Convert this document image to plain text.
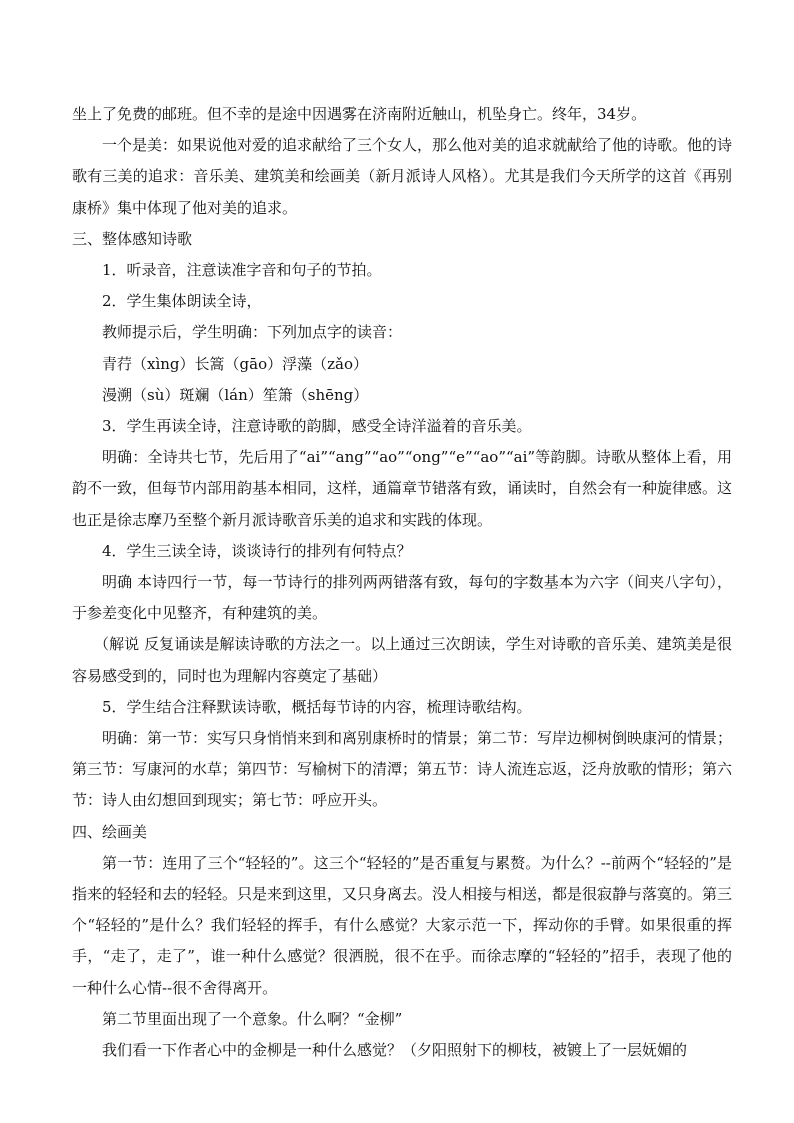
坐上了免费的邮班。但不幸的是途中因遇雾在济南附近触山，机坠身亡。终年，34岁。

一个是美：如果说他对爱的追求献给了三个女人，那么他对美的追求就献给了他的诗歌。他的诗歌有三美的追求：音乐美、建筑美和绘画美（新月派诗人风格）。尤其是我们今天所学的这首《再别康桥》集中体现了他对美的追求。

三、整体感知诗歌

1．听录音，注意读准字音和句子的节拍。

2．学生集体朗读全诗，

教师提示后，学生明确：下列加点字的读音：

青荇（xìng）长篙（gāo）浮藻（zǎo）

漫溯（sù）斑斓（lán）笙箫（shēng）

3．学生再读全诗，注意诗歌的韵脚，感受全诗洋溢着的音乐美。

明确：全诗共七节，先后用了“ai”“ang”“ao”“ong”“e”“ao”“ai”等韵脚。诗歌从整体上看，用韵不一致，但每节内部用韵基本相同，这样，通篇章节错落有致，诵读时，自然会有一种旋律感。这也正是徐志摩乃至整个新月派诗歌音乐美的追求和实践的体现。

4．学生三读全诗，谈谈诗行的排列有何特点？

明确 本诗四行一节，每一节诗行的排列两两错落有致，每句的字数基本为六字（间夹八字句），于参差变化中见整齐，有种建筑的美。

（解说 反复诵读是解读诗歌的方法之一。以上通过三次朗读，学生对诗歌的音乐美、建筑美是很容易感受到的，同时也为理解内容奠定了基础）

5．学生结合注释默读诗歌，概括每节诗的内容，梳理诗歌结构。

明确：第一节：实写只身悄悄来到和离别康桥时的情景；第二节：写岸边柳树倒映康河的情景；第三节：写康河的水草；第四节：写榆树下的清潭；第五节：诗人流连忘返，泛舟放歌的情形；第六节：诗人由幻想回到现实；第七节：呼应开头。

四、绘画美

第一节：连用了三个“轻轻的”。这三个“轻轻的”是否重复与累赘。为什么？--前两个“轻轻的”是指来的轻轻和去的轻轻。只是来到这里，又只身离去。没人相接与相送，都是很寂静与落寞的。第三个“轻轻的”是什么？我们轻轻的挥手，有什么感觉？大家示范一下，挥动你的手臂。如果很重的挥手，“走了，走了”，谁一种什么感觉？很洒脱，很不在乎。而徐志摩的“轻轻的”招手，表现了他的一种什么心情--很不舍得离开。

第二节里面出现了一个意象。什么啊？“金柳”

我们看一下作者心中的金柳是一种什么感觉？（夕阳照射下的柳枝，被镀上了一层妩媚的
